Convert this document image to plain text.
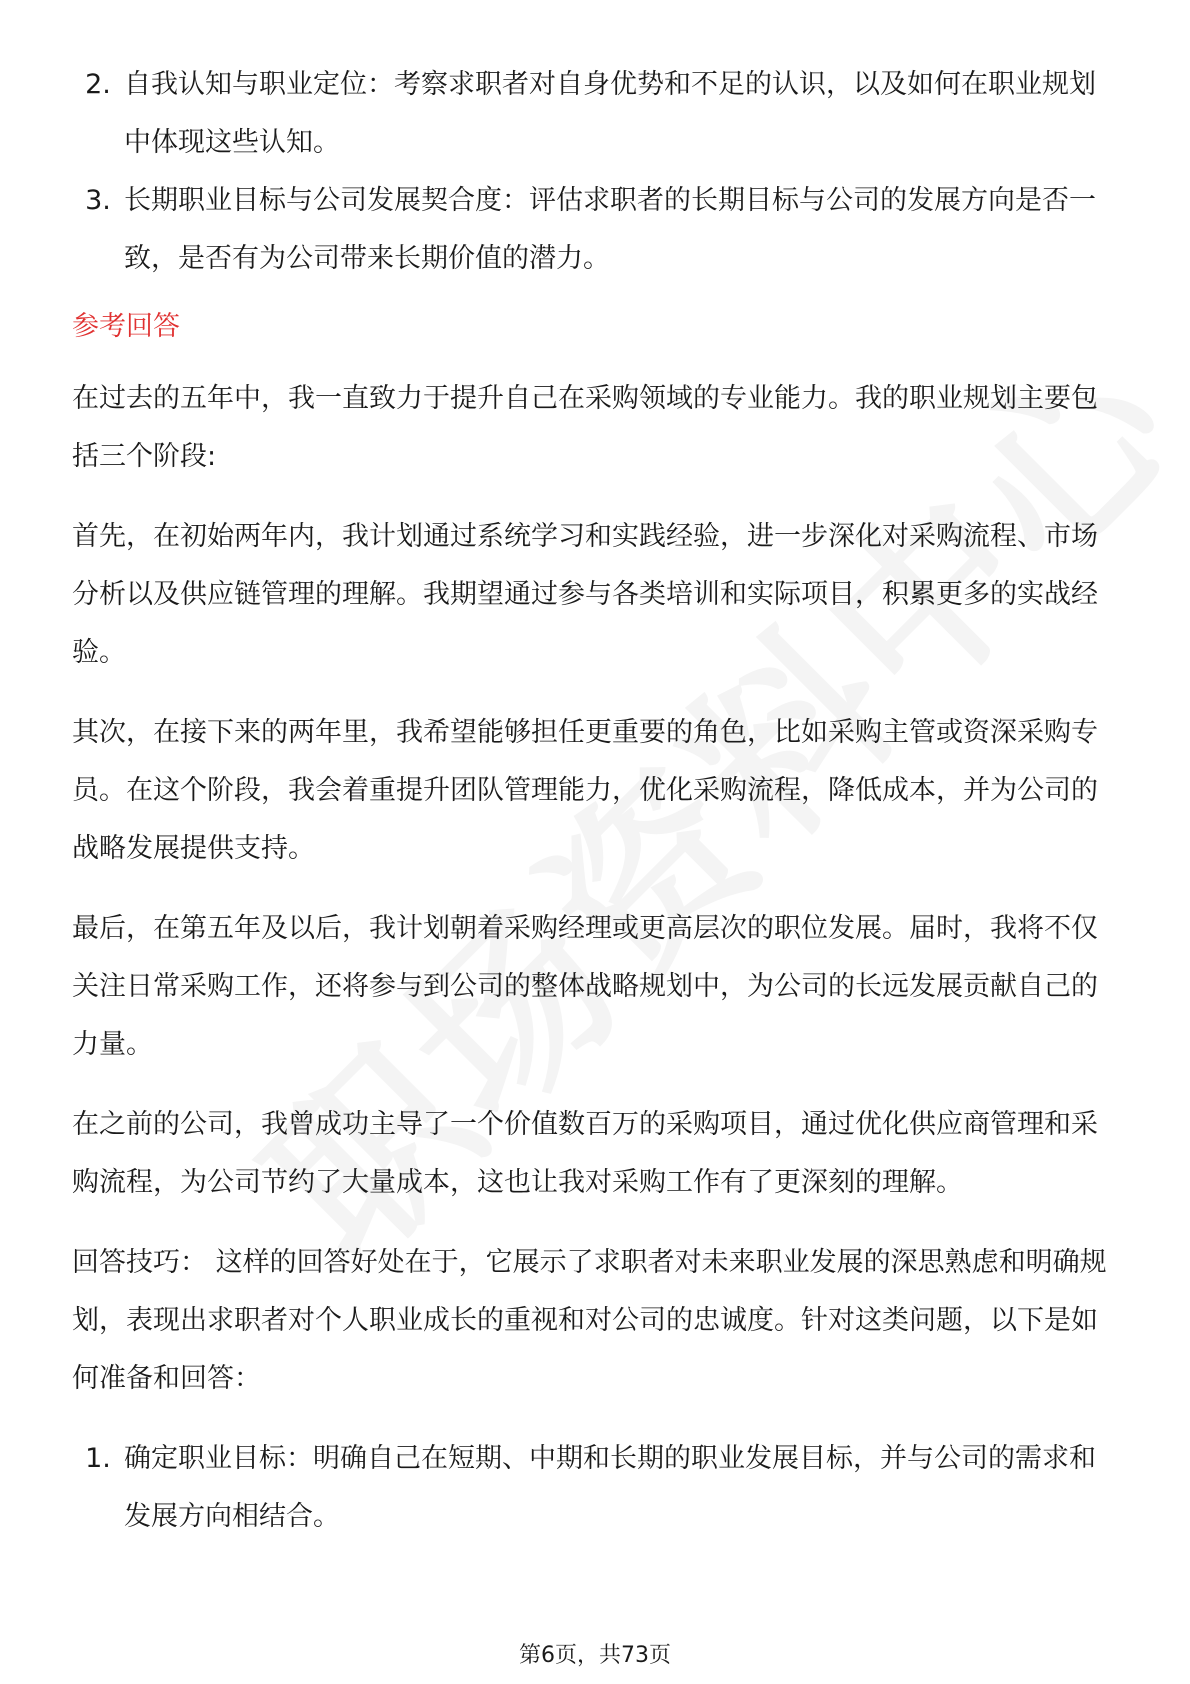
2. 自我认知与职业定位：考察求职者对自身优势和不足的认识，以及如何在职业规划中体现这些认知。
3. 长期职业目标与公司发展契合度：评估求职者的长期目标与公司的发展方向是否一致，是否有为公司带来长期价值的潜力。
参考回答

在过去的五年中，我一直致力于提升自己在采购领域的专业能力。我的职业规划主要包括三个阶段:

首先，在初始两年内，我计划通过系统学习和实践经验，进一步深化对采购流程、市场分析以及供应链管理的理解。我期望通过参与各类培训和实际项目，积累更多的实战经验。

其次，在接下来的两年里，我希望能够担任更重要的角色，比如采购主管或资深采购专员。在这个阶段，我会着重提升团队管理能力，优化采购流程，降低成本，并为公司的战略发展提供支持。

最后，在第五年及以后，我计划朝着采购经理或更高层次的职位发展。届时，我将不仅关注日常采购工作，还将参与到公司的整体战略规划中，为公司的长远发展贡献自己的力量。

在之前的公司，我曾成功主导了一个价值数百万的采购项目，通过优化供应商管理和采购流程，为公司节约了大量成本，这也让我对采购工作有了更深刻的理解。

回答技巧： 这样的回答好处在于，它展示了求职者对未来职业发展的深思熟虑和明确规划，表现出求职者对个人职业成长的重视和对公司的忠诚度。针对这类问题，以下是如何准备和回答：

1. 确定职业目标：明确自己在短期、中期和长期的职业发展目标，并与公司的需求和发展方向相结合。
第6页，共73页
